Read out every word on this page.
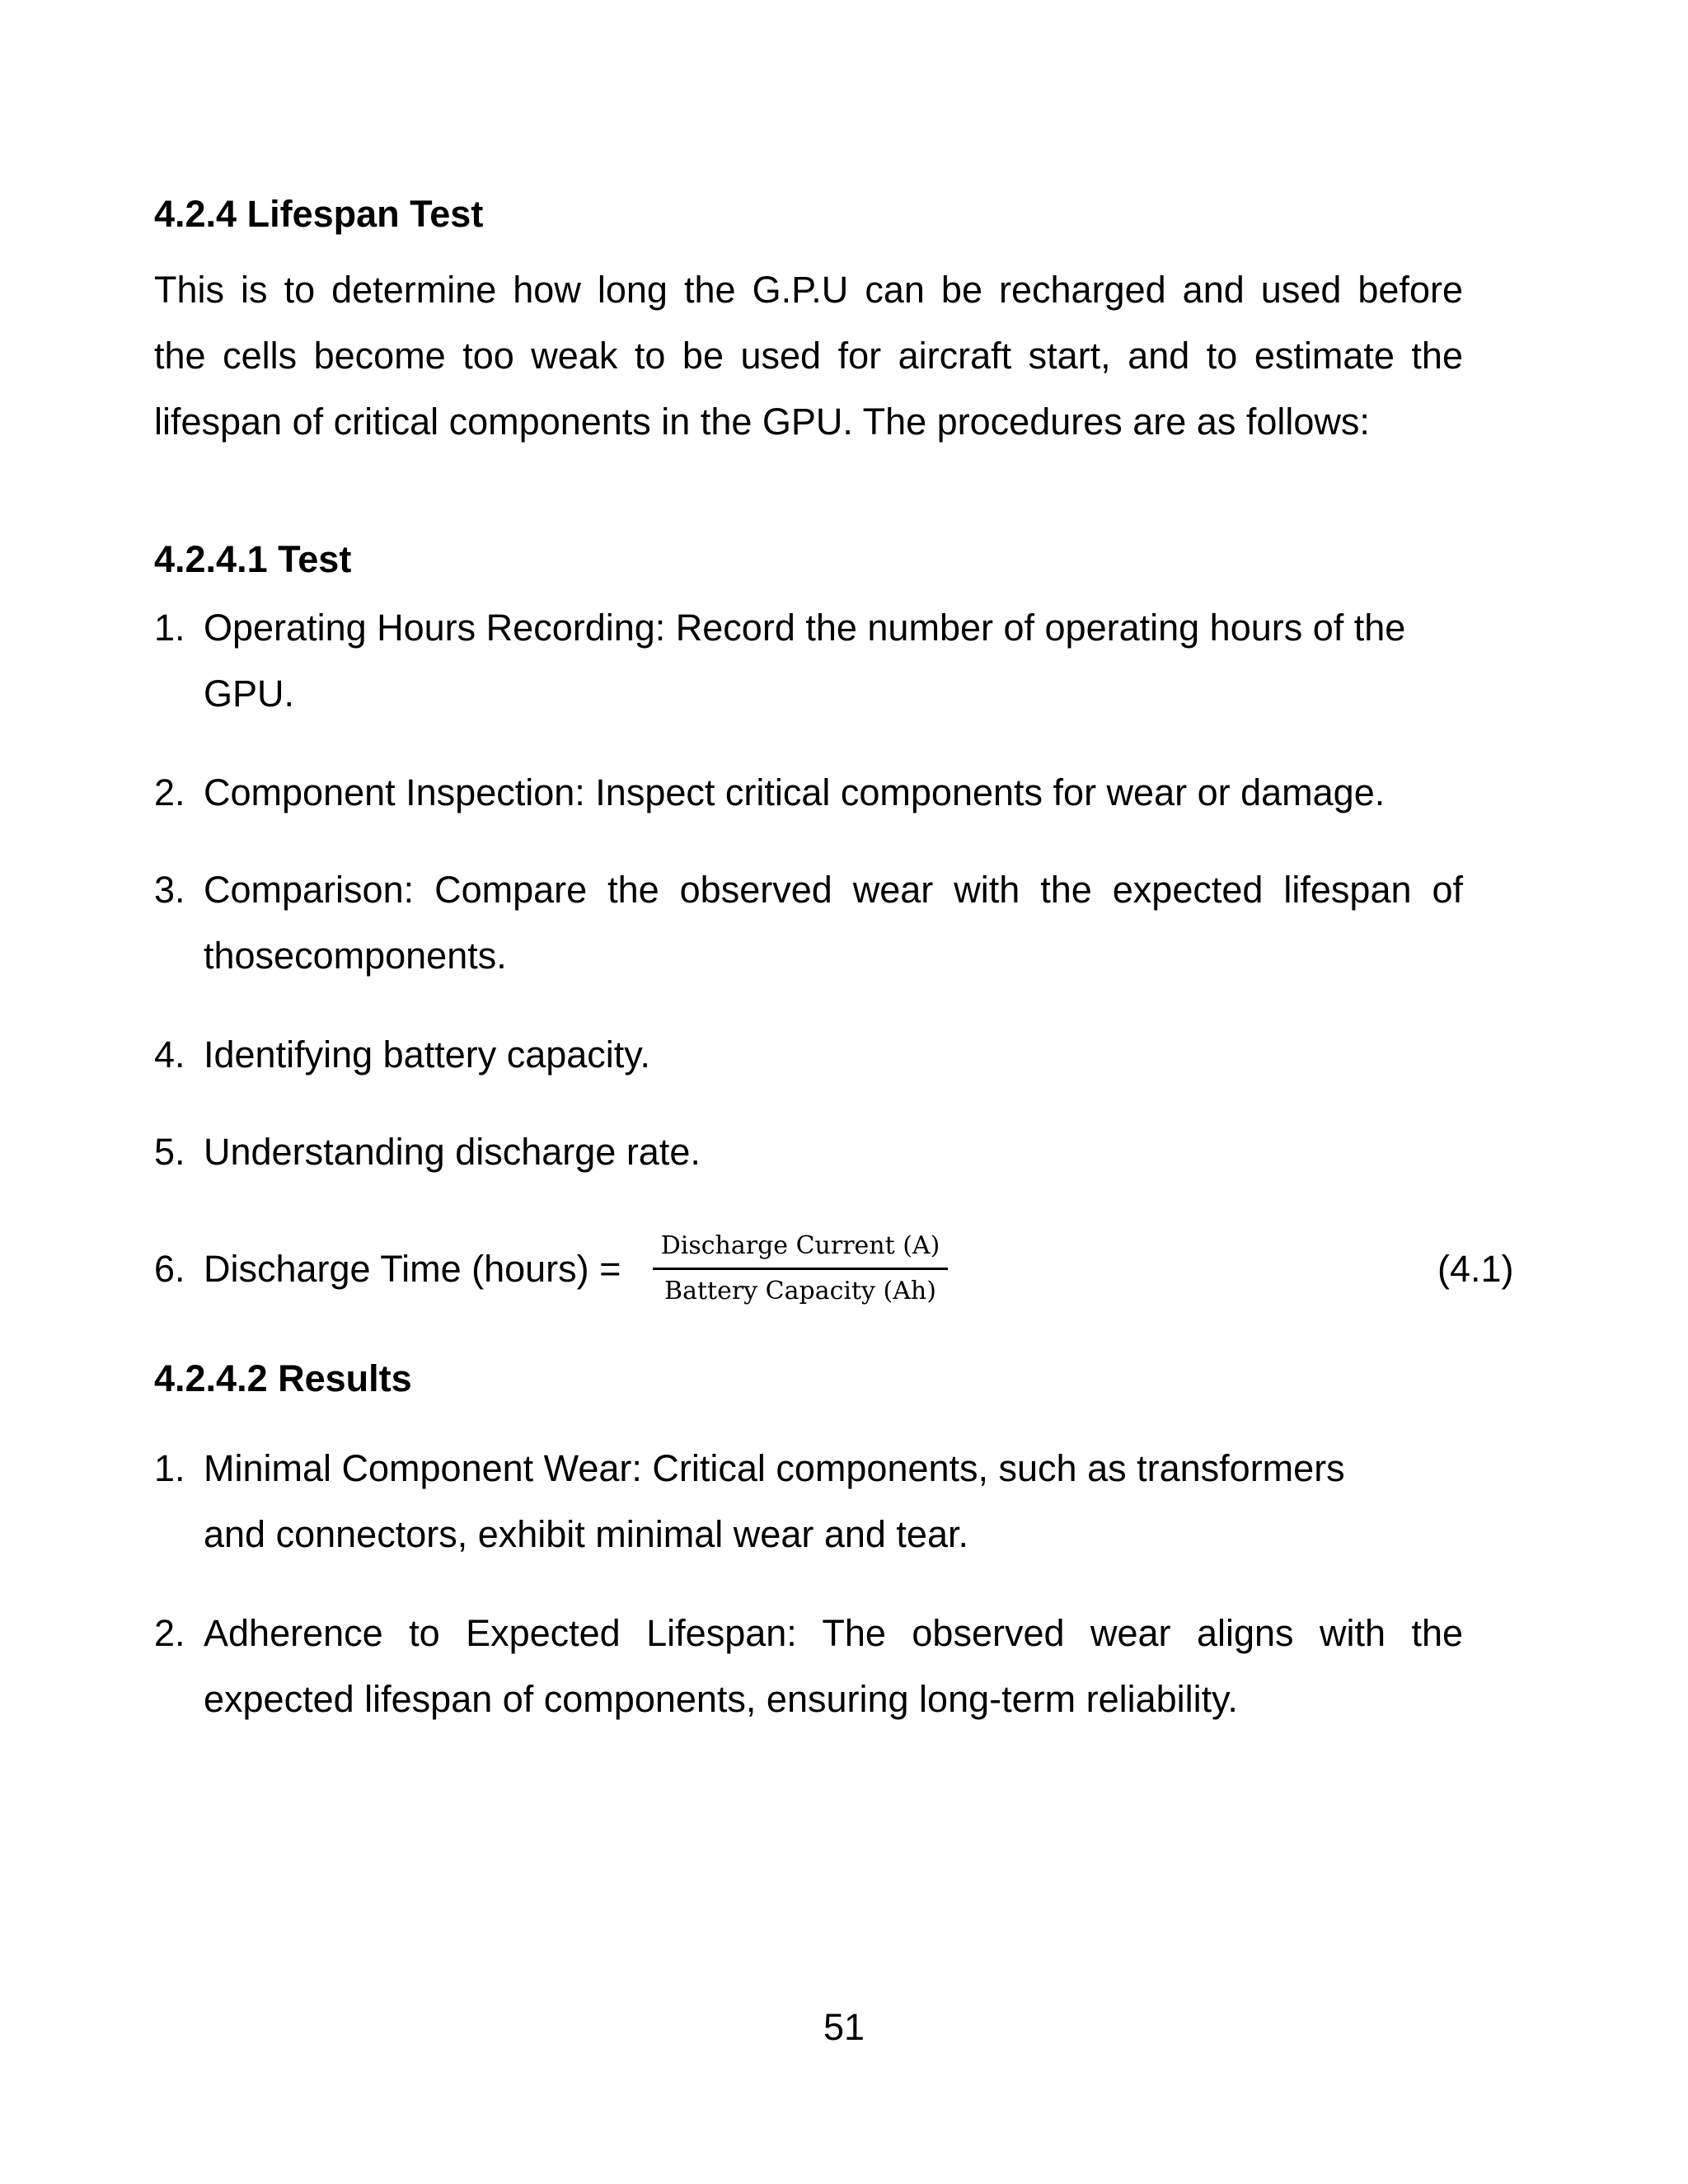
4.2.4 Lifespan Test
This is to determine how long the G.P.U can be recharged and used before
the cells become too weak to be used for aircraft start, and to estimate the
lifespan of critical components in the GPU. The procedures are as follows:
4.2.4.1 Test
1. Operating Hours Recording: Record the number of operating hours of the
GPU.
2. Component Inspection: Inspect critical components for wear or damage.
3. Comparison: Compare the observed wear with the expected lifespan of
thosecomponents.
4. Identifying battery capacity.
5. Understanding discharge rate.
6. Discharge Time (hours) =
Discharge Current (A)
Battery Capacity (Ah)
(4.1)
4.2.4.2 Results
1. Minimal Component Wear: Critical components, such as transformers
and connectors, exhibit minimal wear and tear.
2. Adherence to Expected Lifespan: The observed wear aligns with the
expected lifespan of components, ensuring long-term reliability.
51
